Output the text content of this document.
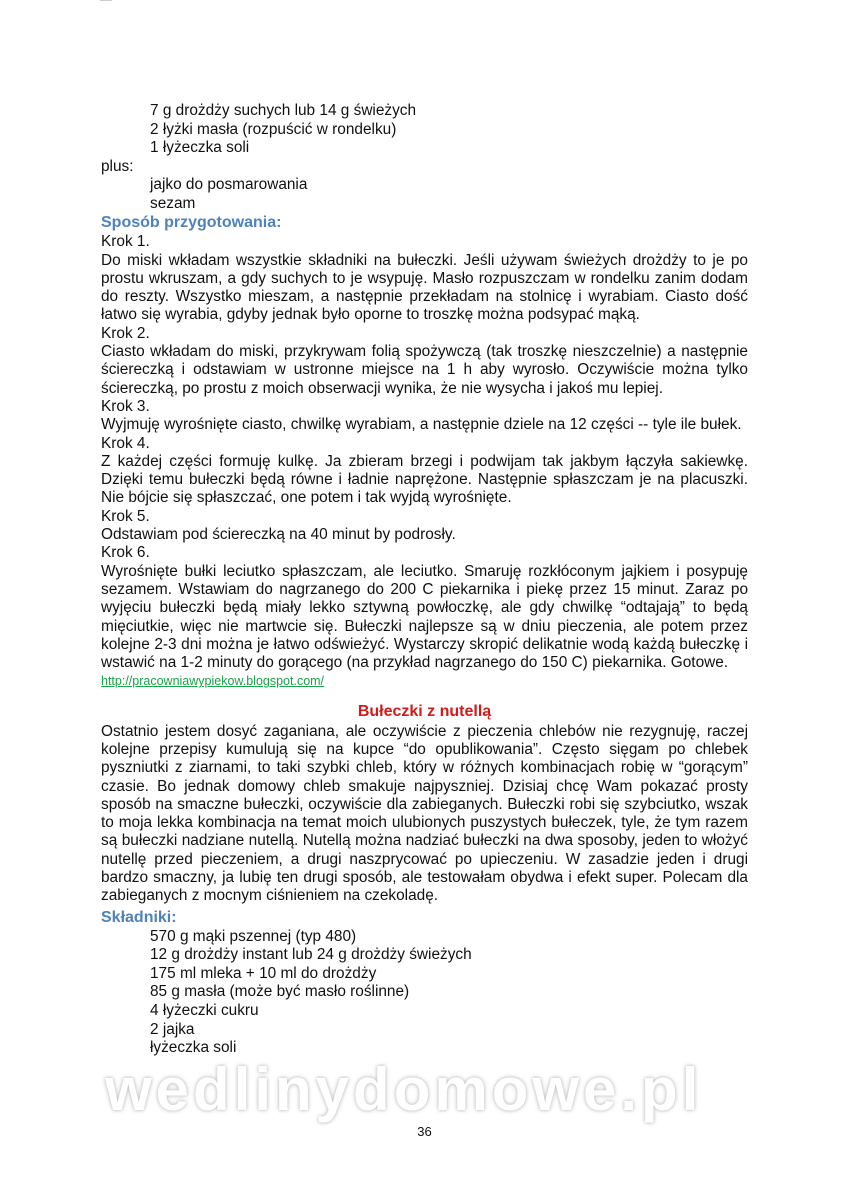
7 g drożdży suchych lub 14 g świeżych
2 łyżki masła (rozpuścić w rondelku)
1 łyżeczka soli
plus:
jajko do posmarowania
sezam
Sposób przygotowania:
Krok 1.

Do miski wkładam wszystkie składniki na bułeczki. Jeśli używam świeżych drożdży to je po prostu wkruszam, a gdy suchych to je wsypuję. Masło rozpuszczam w rondelku zanim dodam do reszty. Wszystko mieszam, a następnie przekładam na stolnicę i wyrabiam. Ciasto dość łatwo się wyrabia, gdyby jednak było oporne to troszkę można podsypać mąką.

Krok 2.

Ciasto wkładam do miski, przykrywam folią spożywczą (tak troszkę nieszczelnie) a następnie ściereczką i odstawiam w ustronne miejsce na 1 h aby wyrosło. Oczywiście można tylko ściereczką, po prostu z moich obserwacji wynika, że nie wysycha i jakoś mu lepiej.

Krok 3.

Wyjmuję wyrośnięte ciasto, chwilkę wyrabiam, a następnie dziele na 12 części -- tyle ile bułek.

Krok 4.

Z każdej części formuję kulkę. Ja zbieram brzegi i podwijam tak jakbym łączyła sakiewkę. Dzięki temu bułeczki będą równe i ładnie naprężone. Następnie spłaszczam je na placuszki. Nie bójcie się spłaszczać, one potem i tak wyjdą wyrośnięte.

Krok 5.

Odstawiam pod ściereczką na 40 minut by podrosły.

Krok 6.

Wyrośnięte bułki leciutko spłaszczam, ale leciutko. Smaruję rozkłóconym jajkiem i posypuję sezamem. Wstawiam do nagrzanego do 200 C piekarnika i piekę przez 15 minut. Zaraz po wyjęciu bułeczki będą miały lekko sztywną powłoczkę, ale gdy chwilkę “odtajają” to będą mięciutkie, więc nie martwcie się. Bułeczki najlepsze są w dniu pieczenia, ale potem przez kolejne 2-3 dni można je łatwo odświeżyć. Wystarczy skropić delikatnie wodą każdą bułeczkę i wstawić na 1-2 minuty do gorącego (na przykład nagrzanego do 150 C) piekarnika. Gotowe.

http://pracowniawypiekow.blogspot.com/
Bułeczki z nutellą

Ostatnio jestem dosyć zaganiana, ale oczywiście z pieczenia chlebów nie rezygnuję, raczej kolejne przepisy kumulują się na kupce “do opublikowania”. Często sięgam po chlebek pyszniutki z ziarnami, to taki szybki chleb, który w różnych kombinacjach robię w “gorącym” czasie. Bo jednak domowy chleb smakuje najpyszniej. Dzisiaj chcę Wam pokazać prosty sposób na smaczne bułeczki, oczywiście dla zabieganych. Bułeczki robi się szybciutko, wszak to moja lekka kombinacja na temat moich ulubionych puszystych bułeczek, tyle, że tym razem są bułeczki nadziane nutellą. Nutellą można nadziać bułeczki na dwa sposoby, jeden to włożyć nutellę przed pieczeniem, a drugi naszprycować po upieczeniu. W zasadzie jeden i drugi bardzo smaczny, ja lubię ten drugi sposób, ale testowałam obydwa i efekt super. Polecam dla zabieganych z mocnym ciśnieniem na czekoladę.

Składniki:
570 g mąki pszennej (typ 480)
12 g drożdży instant lub 24 g drożdży świeżych
175 ml mleka + 10 ml do drożdży
85 g masła (może być masło roślinne)
4 łyżeczki cukru
2 jajka
łyżeczka soli
wedlinydomowe.pl
36
